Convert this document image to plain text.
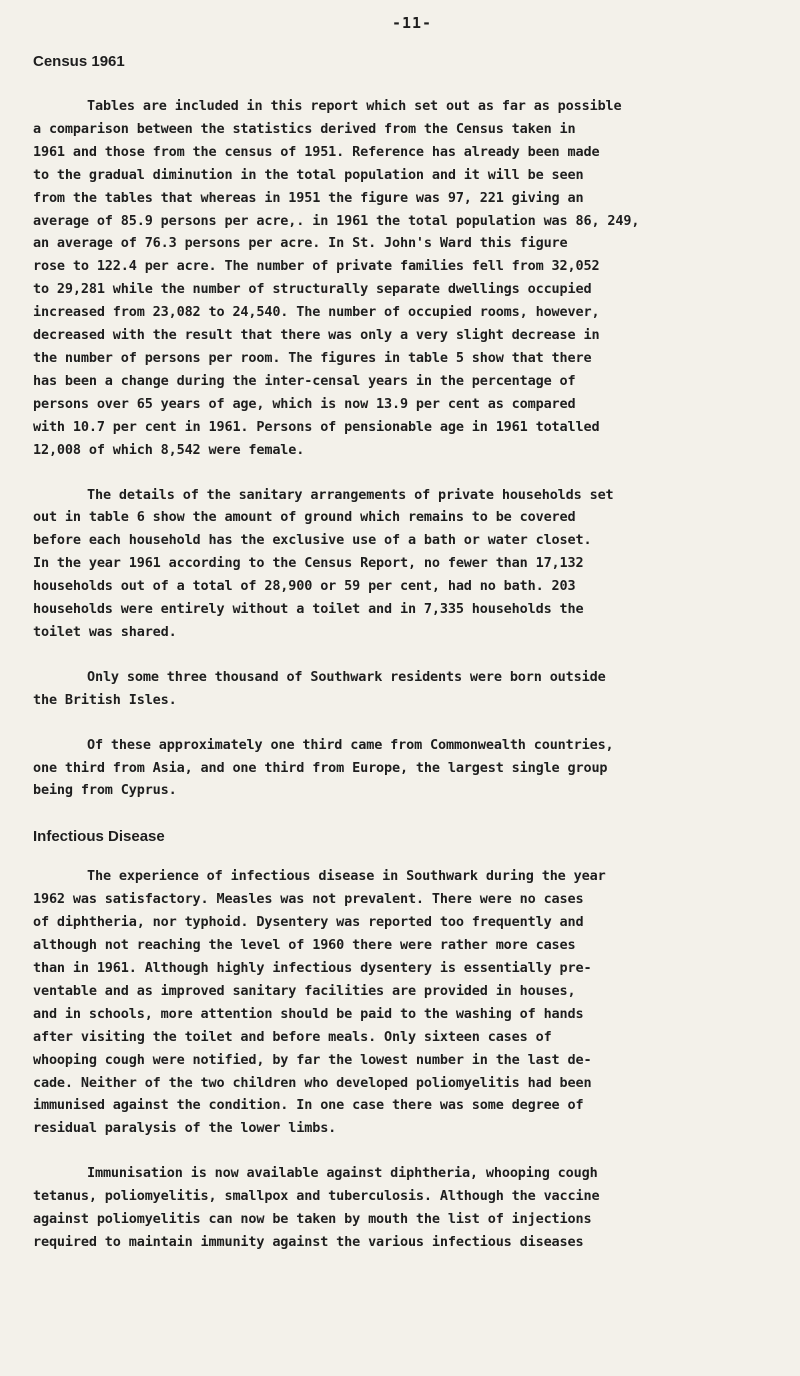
-11-
Census 1961
Tables are included in this report which set out as far as possible
a comparison between the statistics derived from the Census taken in
1961 and those from the census of 1951. Reference has already been made
to the gradual diminution in the total population and it will be seen
from the tables that whereas in 1951 the figure was 97, 221 giving an
average of 85.9 persons per acre,. in 1961 the total population was 86, 249,
an average of 76.3 persons per acre. In St. John's Ward this figure
rose to 122.4 per acre. The number of private families fell from 32,052
to 29,281 while the number of structurally separate dwellings occupied
increased from 23,082 to 24,540. The number of occupied rooms, however,
decreased with the result that there was only a very slight decrease in
the number of persons per room. The figures in table 5 show that there
has been a change during the inter-censal years in the percentage of
persons over 65 years of age, which is now 13.9 per cent as compared
with 10.7 per cent in 1961. Persons of pensionable age in 1961 totalled
12,008 of which 8,542 were female.
The details of the sanitary arrangements of private households set
out in table 6 show the amount of ground which remains to be covered
before each household has the exclusive use of a bath or water closet.
In the year 1961 according to the Census Report, no fewer than 17,132
households out of a total of 28,900 or 59 per cent, had no bath. 203
households were entirely without a toilet and in 7,335 households the
toilet was shared.
Only some three thousand of Southwark residents were born outside
the British Isles.
Of these approximately one third came from Commonwealth countries,
one third from Asia, and one third from Europe, the largest single group
being from Cyprus.
Infectious Disease
The experience of infectious disease in Southwark during the year
1962 was satisfactory. Measles was not prevalent. There were no cases
of diphtheria, nor typhoid. Dysentery was reported too frequently and
although not reaching the level of 1960 there were rather more cases
than in 1961. Although highly infectious dysentery is essentially pre-
ventable and as improved sanitary facilities are provided in houses,
and in schools, more attention should be paid to the washing of hands
after visiting the toilet and before meals. Only sixteen cases of
whooping cough were notified, by far the lowest number in the last de-
cade. Neither of the two children who developed poliomyelitis had been
immunised against the condition. In one case there was some degree of
residual paralysis of the lower limbs.
Immunisation is now available against diphtheria, whooping cough
tetanus, poliomyelitis, smallpox and tuberculosis. Although the vaccine
against poliomyelitis can now be taken by mouth the list of injections
required to maintain immunity against the various infectious diseases
